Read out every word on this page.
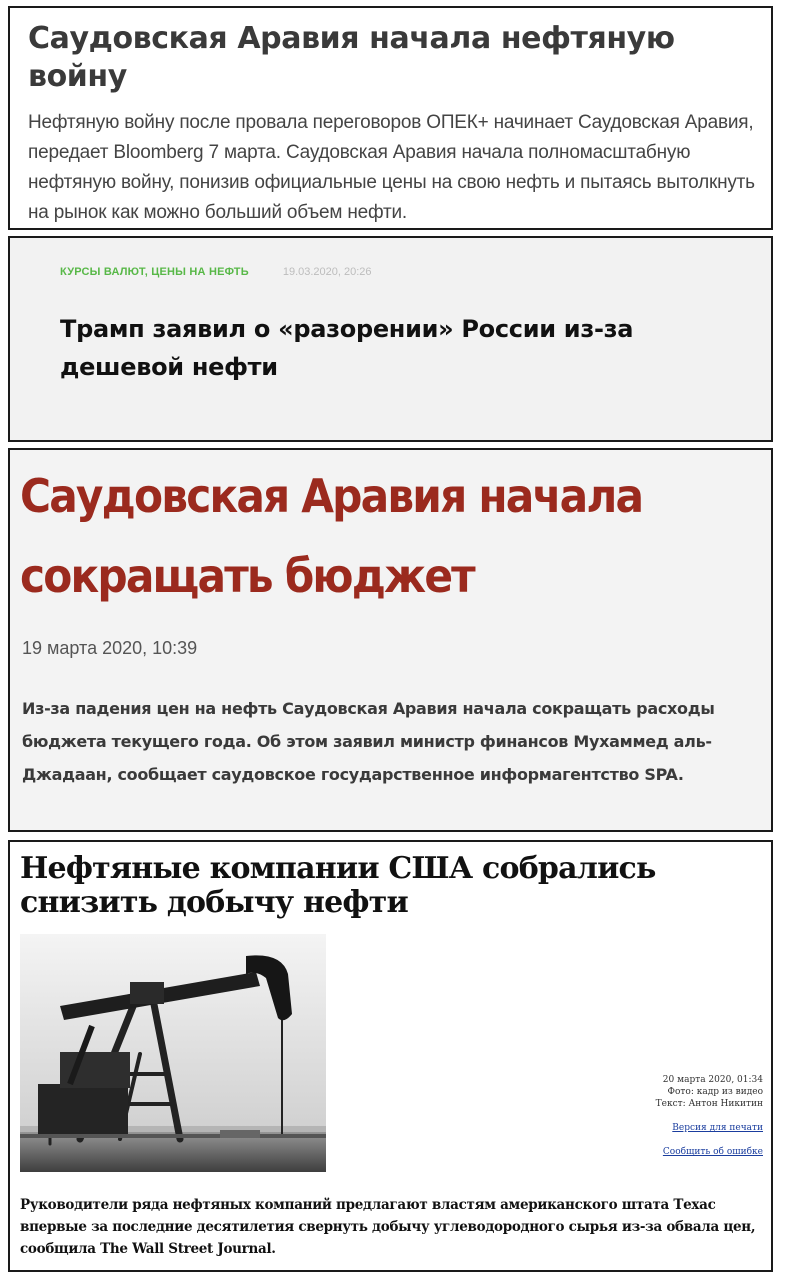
Саудовская Аравия начала нефтяную войну

Нефтяную войну после провала переговоров ОПЕК+ начинает Саудовская Аравия, передает Bloomberg 7 марта. Саудовская Аравия начала полномасштабную нефтяную войну, понизив официальные цены на свою нефть и пытаясь вытолкнуть на рынок как можно больший объем нефти.

КУРСЫ ВАЛЮТ, ЦЕНЫ НА НЕФТЬ	19.03.2020, 20:26
Трамп заявил о «разорении» России из-за дешевой нефти
Саудовская Аравия начала сокращать бюджет
19 марта 2020, 10:39

Из-за падения цен на нефть Саудовская Аравия начала сокращать расходы бюджета текущего года. Об этом заявил министр финансов Мухаммед аль-Джадаан, сообщает саудовское государственное информагентство SPA.

Нефтяные компании США собрались снизить добычу нефти
20 марта 2020, 01:34
Фото: кадр из видео
Текст: Антон Никитин
Версия для печати
Сообщить об ошибке

Руководители ряда нефтяных компаний предлагают властям американского штата Техас впервые за последние десятилетия свернуть добычу углеводородного сырья из-за обвала цен, сообщила The Wall Street Journal.
